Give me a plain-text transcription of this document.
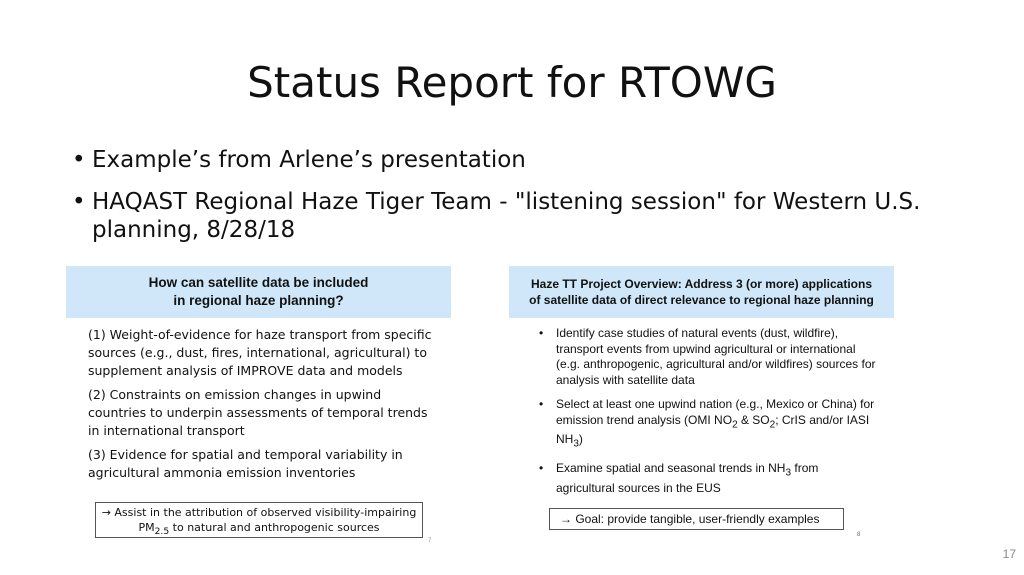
Status Report for RTOWG
• Example’s from Arlene’s presentation
• HAQAST Regional Haze Tiger Team - "listening session" for Western U.S. planning, 8/28/18
How can satellite data be included
in regional haze planning?
(1) Weight-of-evidence for haze transport from specific sources (e.g., dust, fires, international, agricultural) to supplement analysis of IMPROVE data and models
(2) Constraints on emission changes in upwind countries to underpin assessments of temporal trends in international transport
(3) Evidence for spatial and temporal variability in agricultural ammonia emission inventories
→ Assist in the attribution of observed visibility-impairing
$PM_{2.5}$ to natural and anthropogenic sources
7
Haze TT Project Overview: Address 3 (or more) applications
of satellite data of direct relevance to regional haze planning
• Identify case studies of natural events (dust, wildfire), transport events from upwind agricultural or international (e.g. anthropogenic, agricultural and/or wildfires) sources for analysis with satellite data
• Select at least one upwind nation (e.g., Mexico or China) for emission trend analysis (OMI $NO_2$ & $SO_2$; CrIS and/or IASI $NH_3$)
• Examine spatial and seasonal trends in $NH_3$ from agricultural sources in the EUS
→ Goal: provide tangible, user-friendly examples
8
17
